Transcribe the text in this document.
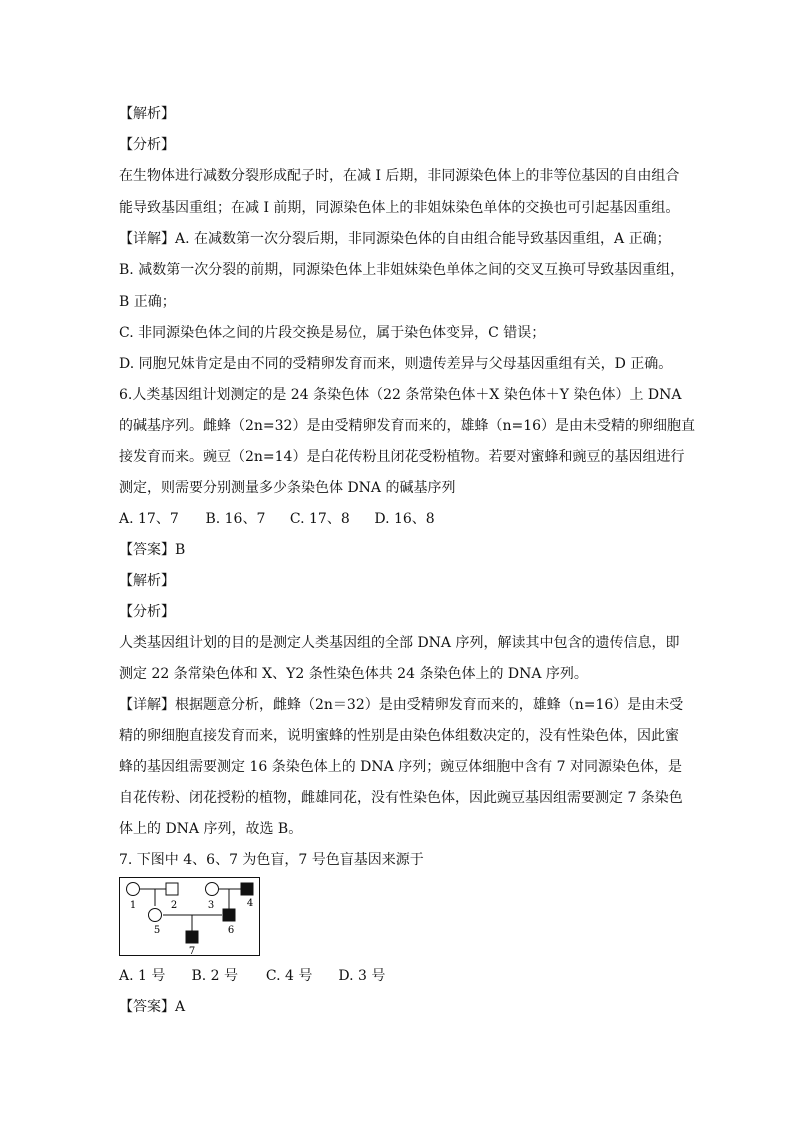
【解析】
【分析】
在生物体进行减数分裂形成配子时，在减 I 后期，非同源染色体上的非等位基因的自由组合
能导致基因重组；在减 I 前期，同源染色体上的非姐妹染色单体的交换也可引起基因重组。
【详解】A. 在减数第一次分裂后期，非同源染色体的自由组合能导致基因重组，A 正确；
B. 减数第一次分裂的前期，同源染色体上非姐妹染色单体之间的交叉互换可导致基因重组，
B 正确；
C. 非同源染色体之间的片段交换是易位，属于染色体变异，C 错误；
D. 同胞兄妹肯定是由不同的受精卵发育而来，则遗传差异与父母基因重组有关，D 正确。
6.人类基因组计划测定的是 24 条染色体（22 条常染色体＋X 染色体＋Y 染色体）上 DNA
的碱基序列。雌蜂（2n=32）是由受精卵发育而来的，雄蜂（n=16）是由未受精的卵细胞直
接发育而来。豌豆（2n=14）是白花传粉且闭花受粉植物。若要对蜜蜂和豌豆的基因组进行
测定，则需要分别测量多少条染色体 DNA 的碱基序列
A. 17、7 B. 16、7 C. 17、8 D. 16、8
【答案】B
【解析】
【分析】
人类基因组计划的目的是测定人类基因组的全部 DNA 序列，解读其中包含的遗传信息，即
测定 22 条常染色体和 X、Y2 条性染色体共 24 条染色体上的 DNA 序列。
【详解】根据题意分析，雌蜂（2n＝32）是由受精卵发育而来的，雄蜂（n=16）是由未受
精的卵细胞直接发育而来，说明蜜蜂的性别是由染色体组数决定的，没有性染色体，因此蜜
蜂的基因组需要测定 16 条染色体上的 DNA 序列；豌豆体细胞中含有 7 对同源染色体，是
自花传粉、闭花授粉的植物，雌雄同花，没有性染色体，因此豌豆基因组需要测定 7 条染色
体上的 DNA 序列，故选 B。
7. 下图中 4、6、7 为色盲，7 号色盲基因来源于
1	2	3	4
5	6
7
A. 1 号 B. 2 号 C. 4 号 D. 3 号
【答案】A
